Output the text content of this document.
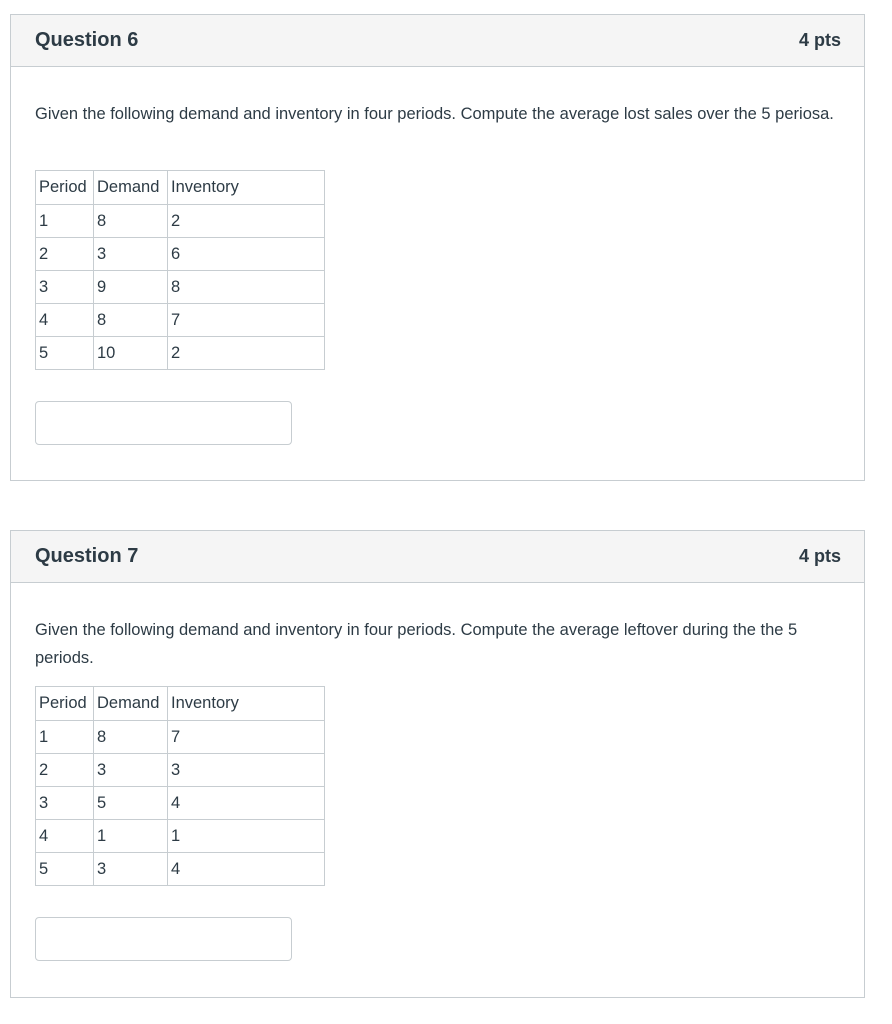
Question 6	4 pts
Given the following demand and inventory in four periods. Compute the average lost sales over the 5 periosa.
Period	Demand	Inventory
1	8	2
2	3	6
3	9	8
4	8	7
5	10	2
Question 7	4 pts
Given the following demand and inventory in four periods. Compute the average leftover during the the 5 periods.
Period	Demand	Inventory
1	8	7
2	3	3
3	5	4
4	1	1
5	3	4
